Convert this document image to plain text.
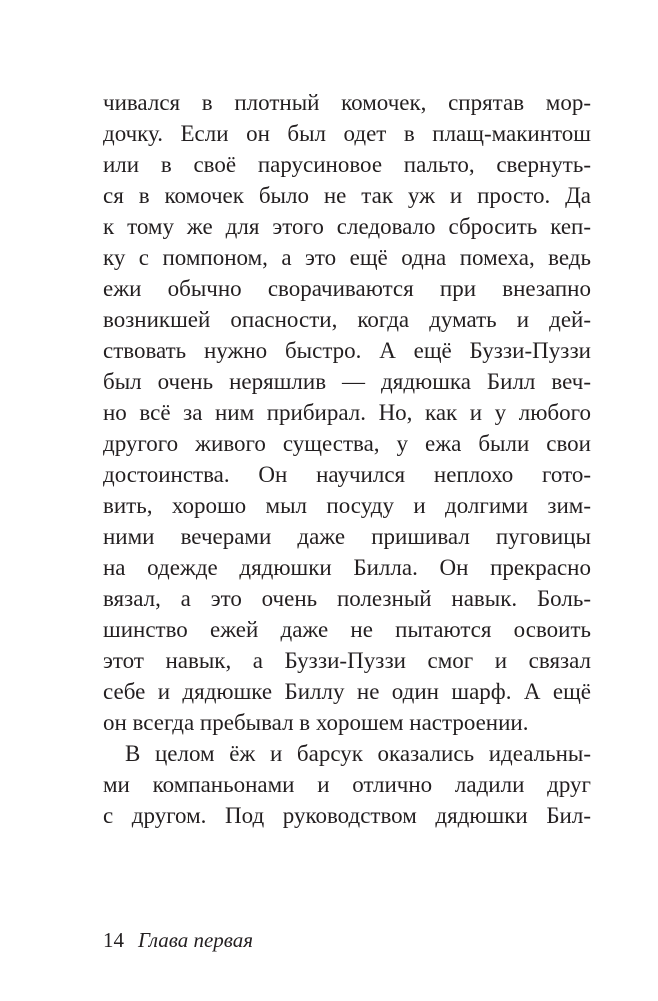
чивался в плотный комочек, спрятав мор-
дочку. Если он был одет в плащ-макинтош
или в своё парусиновое пальто, свернуть-
ся в комочек было не так уж и просто. Да
к тому же для этого следовало сбросить кеп-
ку с помпоном, а это ещё одна помеха, ведь
ежи обычно сворачиваются при внезапно
возникшей опасности, когда думать и дей-
ствовать нужно быстро. А ещё Буззи-Пуззи
был очень неряшлив — дядюшка Билл веч-
но всё за ним прибирал. Но, как и у любого
другого живого существа, у ежа были свои
достоинства. Он научился неплохо гото-
вить, хорошо мыл посуду и долгими зим-
ними вечерами даже пришивал пуговицы
на одежде дядюшки Билла. Он прекрасно
вязал, а это очень полезный навык. Боль-
шинство ежей даже не пытаются освоить
этот навык, а Буззи-Пуззи смог и связал
себе и дядюшке Биллу не один шарф. А ещё
он всегда пребывал в хорошем настроении.
В целом ёж и барсук оказались идеальны-
ми компаньонами и отлично ладили друг
с другом. Под руководством дядюшки Бил-
14 Глава первая
